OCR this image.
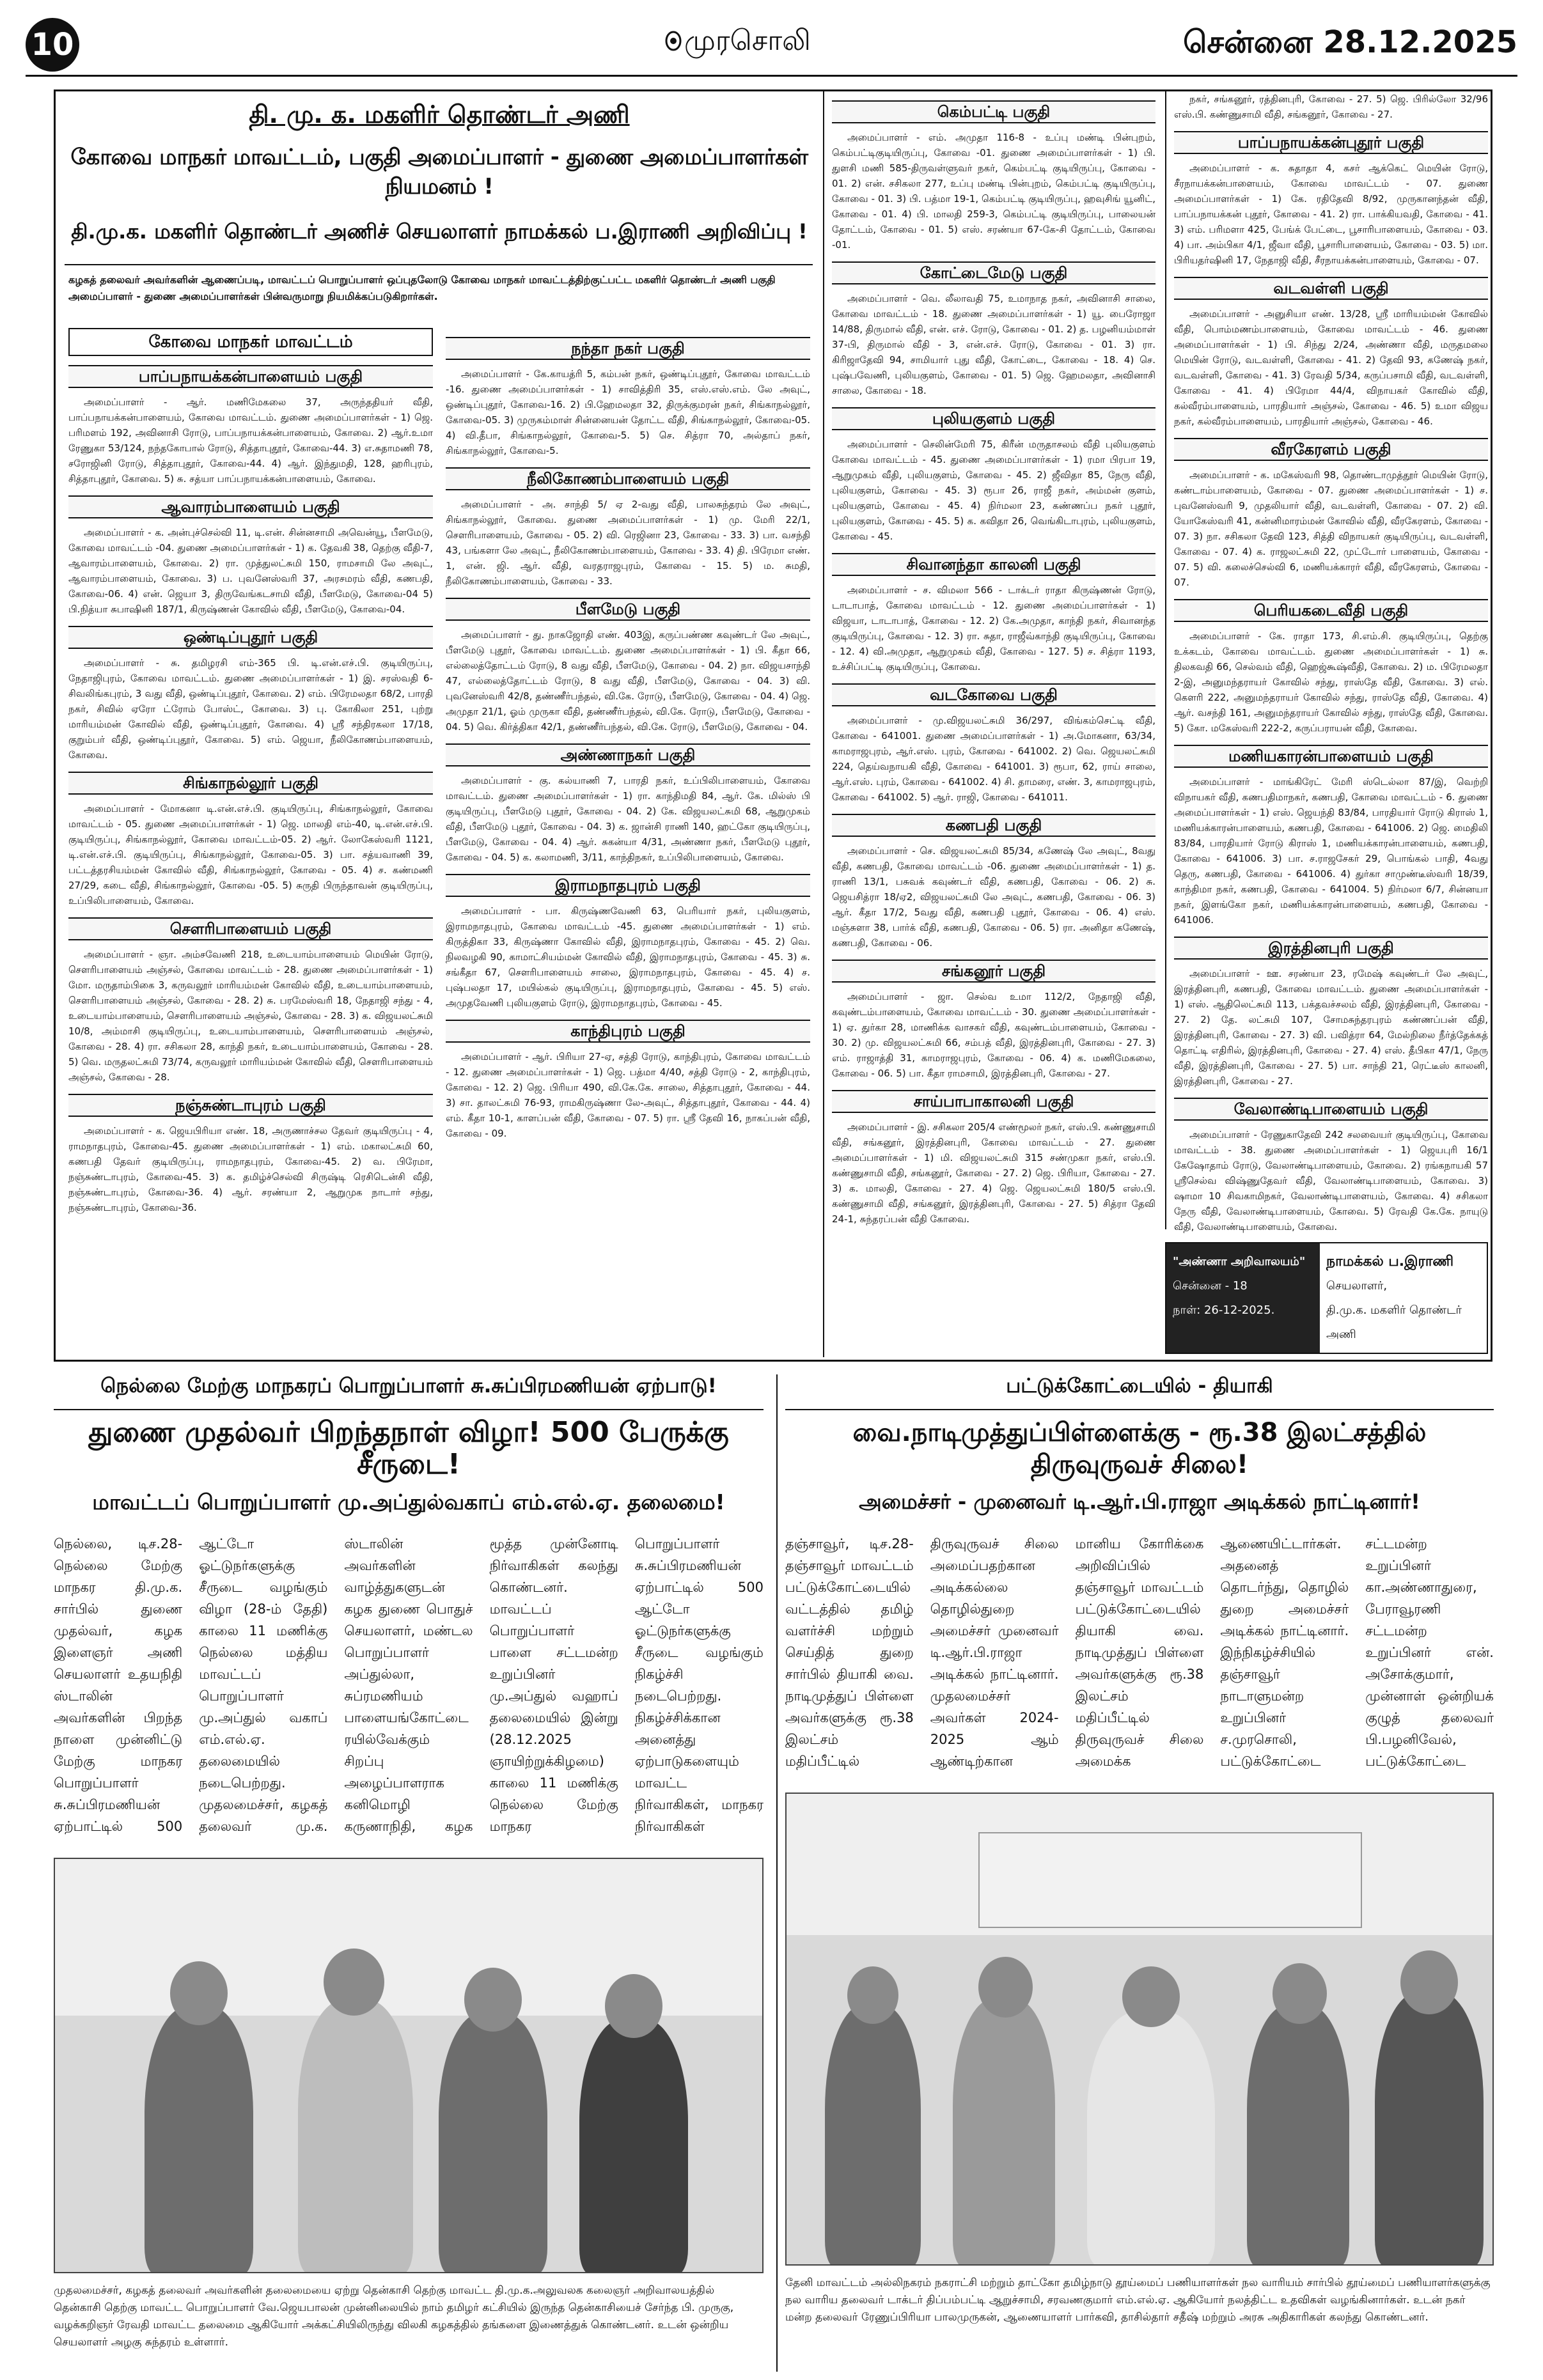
10	முரசொலி	சென்னை 28.12.2025
தி. மு. க. மகளிர் தொண்டர் அணி
கோவை மாநகர் மாவட்டம், பகுதி அமைப்பாளர் - துணை அமைப்பாளர்கள் நியமனம் !
தி.மு.க. மகளிர் தொண்டர் அணிச் செயலாளர் நாமக்கல் ப.இராணி அறிவிப்பு !
கழகத் தலைவர் அவர்களின் ஆணைப்படி, மாவட்டப் பொறுப்பாளர் ஒப்புதலோடு கோவை மாநகர் மாவட்டத்திற்குட்பட்ட மகளிர் தொண்டர் அணி பகுதி அமைப்பாளர் - துணை அமைப்பாளர்கள் பின்வருமாறு நியமிக்கப்படுகிறார்கள்.
கோவை மாநகர் மாவட்டம்
பாப்பநாயக்கன்பாளையம் பகுதி

அமைப்பாளர் - ஆர். மணிமேகலை 37, அருந்ததியர் வீதி, பாப்பநாயக்கன்பாளையம், கோவை மாவட்டம். துணை அமைப்பாளர்கள் - 1) ஜெ. பரிமளம் 192, அவினாசி ரோடு, பாப்பநாயக்கன்பாளையம், கோவை. 2) ஆர்.உமா ரேணுகா 53/124, நந்தகோபால் ரோடு, சித்தாபுதூர், கோவை-44. 3) எ.சுதாமணி 78, சரோஜினி ரோடு, சித்தாபுதூர், கோவை-44. 4) ஆர். இந்துமதி, 128, ஹரிபுரம், சித்தாபுதூர், கோவை. 5) சு. சத்யா பாப்பநாயக்கன்பாளையம், கோவை.

ஆவாரம்பாளையம் பகுதி

அமைப்பாளர் - க. அன்புச்செல்வி 11, டி.என். சின்னசாமி அவென்யூ, பீளமேடு, கோவை மாவட்டம் -04. துணை அமைப்பாளர்கள் - 1) க. தேவகி 38, தெற்கு வீதி-7, ஆவாரம்பாளையம், கோவை. 2) ரா. முத்துலட்சுமி 150, ராமசாமி லே அவுட், ஆவாரம்பாளையம், கோவை. 3) ப. புவனேஸ்வரி 37, அரசமரம் வீதி, கணபதி, கோவை-06. 4) என். ஜெயா 3, திருவேங்கடசாமி வீதி, பீளமேடு, கோவை-04 5) பி.நித்யா சுபாஷினி 187/1, கிருஷ்ணன் கோவில் வீதி, பீளமேடு, கோவை-04.

ஒண்டிப்புதூர் பகுதி

அமைப்பாளர் - சு. தமிழரசி எம்-365 பி. டி.என்.எச்.பி. குடியிருப்பு, நேதாஜிபுரம், கோவை மாவட்டம். துணை அமைப்பாளர்கள் - 1) இ. சரஸ்வதி 6-சிவலிங்கபுரம், 3 வது வீதி, ஒண்டிப்புதூர், கோவை. 2) எம். பிரேமலதா 68/2, பாரதி நகர், சிவில் ஏரோ ட்ரோம் போஸ்ட், கோவை. 3) பு. கோகிலா 251, புற்று மாரியம்மன் கோவில் வீதி, ஒண்டிப்புதூர், கோவை. 4) ஸ்ரீ சந்திரகலா 17/18, குறும்பர் வீதி, ஒண்டிப்புதூர், கோவை. 5) எம். ஜெயா, நீலிகோணம்பாளையம், கோவை.

சிங்காநல்லூர் பகுதி

அமைப்பாளர் - மோகனா டி.என்.எச்.பி. குடியிருப்பு, சிங்காநல்லூர், கோவை மாவட்டம் - 05. துணை அமைப்பாளர்கள் - 1) ஜெ. மாலதி எம்-40, டி.என்.எச்.பி. குடியிருப்பு, சிங்காநல்லூர், கோவை மாவட்டம்-05. 2) ஆர். லோகேஸ்வரி 1121, டி.என்.எச்.பி. குடியிருப்பு, சிங்காநல்லூர், கோவை-05. 3) பா. சத்யவாணி 39, பட்டத்தரசியம்மன் கோவில் வீதி, சிங்காநல்லூர், கோவை - 05. 4) ச. கண்மணி 27/29, கடை வீதி, சிங்காநல்லூர், கோவை -05. 5) சுருதி பிருந்தாவன் குடியிருப்பு, உப்பிலிபாளையம், கோவை.

சௌரிபாளையம் பகுதி

அமைப்பாளர் - ஞா. அம்சவேணி 218, உடையாம்பாளையம் மெயின் ரோடு, சௌரிபாளையம் அஞ்சல், கோவை மாவட்டம் - 28. துணை அமைப்பாளர்கள் - 1) மோ. மருதாம்பிகை 3, கருவலூர் மாரியம்மன் கோவில் வீதி, உடையாம்பாளையம், சௌரிபாளையம் அஞ்சல், கோவை - 28. 2) சு. பரமேஸ்வரி 18, நேதாஜி சந்து - 4, உடையாம்பாளையம், சௌரிபாளையம் அஞ்சல், கோவை - 28. 3) க. விஜயலட்சுமி 10/8, அம்மாசி குடியிருப்பு, உடையாம்பாளையம், சௌரிபாளையம் அஞ்சல், கோவை - 28. 4) ரா. சசிகலா 28, காந்தி நகர், உடையாம்பாளையம், கோவை - 28. 5) வெ. மருதலட்சுமி 73/74, கருவலூர் மாரியம்மன் கோவில் வீதி, சௌரிபாளையம் அஞ்சல், கோவை - 28.

நஞ்சுண்டாபுரம் பகுதி

அமைப்பாளர் - க. ஜெயபிரியா எண். 18, அருணாச்சல தேவர் குடியிருப்பு - 4, ராமநாதபுரம், கோவை-45. துணை அமைப்பாளர்கள் - 1) எம். மகாலட்சுமி 60, கணபதி தேவர் குடியிருப்பு, ராமநாதபுரம், கோவை-45. 2) வ. பிரேமா, நஞ்சுண்டாபுரம், கோவை-45. 3) க. தமிழ்ச்செல்வி சிருஷ்டி ரெசிடென்சி வீதி, நஞ்சுண்டாபுரம், கோவை-36. 4) ஆர். சரண்யா 2, ஆறுமுக நாடார் சந்து, நஞ்சுண்டாபுரம், கோவை-36.

நந்தா நகர் பகுதி

அமைப்பாளர் - கே.காயத்ரி 5, கம்பன் நகர், ஒண்டிப்புதூர், கோவை மாவட்டம் -16. துணை அமைப்பாளர்கள் - 1) சாவித்திரி 35, எஸ்.எஸ்.எம். லே அவுட், ஒண்டிப்புதூர், கோவை-16. 2) பி.ஹேமலதா 32, திருக்குமரன் நகர், சிங்காநல்லூர், கோவை-05. 3) முருகம்மாள் சின்னையன் தோட்ட வீதி, சிங்காநல்லூர், கோவை-05. 4) வி.தீபா, சிங்காநல்லூர், கோவை-5. 5) செ. சித்ரா 70, அல்தாப் நகர், சிங்காநல்லூர், கோவை-5.

நீலிகோணம்பாளையம் பகுதி

அமைப்பாளர் - அ. சாந்தி 5/ ஏ 2-வது வீதி, பாலசுந்தரம் லே அவுட், சிங்காநல்லூர், கோவை. துணை அமைப்பாளர்கள் - 1) மு. மேரி 22/1, சௌரிபாளையம், கோவை - 05. 2) வி. ரெஜினா 23, கோவை - 33. 3) பா. வசந்தி 43, பங்களா லே அவுட், நீலிகோணம்பாளையம், கோவை - 33. 4) தி. பிரேமா எண். 1, என். ஜி. ஆர். வீதி, வரதராஜபுரம், கோவை - 15. 5) ம. சுமதி, நீலிகோணம்பாளையம், கோவை - 33.

பீளமேடு பகுதி

அமைப்பாளர் - து. நாகஜோதி எண். 403இ, கருப்பண்ண கவுண்டர் லே அவுட், பீளமேடு புதூர், கோவை மாவட்டம். துணை அமைப்பாளர்கள் - 1) பி. கீதா 66, எல்லைத்தோட்டம் ரோடு, 8 வது வீதி, பீளமேடு, கோவை - 04. 2) நா. விஜயசாந்தி 47, எல்லைத்தோட்டம் ரோடு, 8 வது வீதி, பீளமேடு, கோவை - 04. 3) வி. புவனேஸ்வரி 42/8, தண்ணீர்பந்தல், வி.கே. ரோடு, பீளமேடு, கோவை - 04. 4) ஜெ. அமுதா 21/1, ஓம் முருகா வீதி, தண்ணீர்பந்தல், வி.கே. ரோடு, பீளமேடு, கோவை - 04. 5) வெ. கிர்த்திகா 42/1, தண்ணீர்பந்தல், வி.கே. ரோடு, பீளமேடு, கோவை - 04.

அண்ணாநகர் பகுதி

அமைப்பாளர் - கு. கல்யாணி 7, பாரதி நகர், உப்பிலிபாளையம், கோவை மாவட்டம். துணை அமைப்பாளர்கள் - 1) ரா. காந்திமதி 84, ஆர். கே. மில்ஸ் பி குடியிருப்பு, பீளமேடு புதூர், கோவை - 04. 2) கே. விஜயலட்சுமி 68, ஆறுமுகம் வீதி, பீளமேடு புதூர், கோவை - 04. 3) க. ஜான்சி ராணி 140, ஹட்கோ குடியிருப்பு, பீளமேடு, கோவை - 04. 4) ஆர். சுகன்யா 4/31, அண்ணா நகர், பீளமேடு புதூர், கோவை - 04. 5) க. கலாமணி, 3/11, காந்திநகர், உப்பிலிபாளையம், கோவை.

இராமநாதபுரம் பகுதி

அமைப்பாளர் - பா. கிருஷ்ணவேணி 63, பெரியார் நகர், புலியகுளம், இராமநாதபுரம், கோவை மாவட்டம் -45. துணை அமைப்பாளர்கள் - 1) எம். கிருத்திகா 33, கிருஷ்ணா கோவில் வீதி, இராமநாதபுரம், கோவை - 45. 2) வெ. நிலவழகி 90, காமாட்சியம்மன் கோவில் வீதி, இராமநாதபுரம், கோவை - 45. 3) சு. சங்கீதா 67, சௌரிபாளையம் சாலை, இராமநாதபுரம், கோவை - 45. 4) ச. புஷ்பலதா 17, மயில்கல் குடியிருப்பு, இராமநாதபுரம், கோவை - 45. 5) எஸ். அமுதவேணி புலியகுளம் ரோடு, இராமநாதபுரம், கோவை - 45.

காந்திபுரம் பகுதி

அமைப்பாளர் - ஆர். பிரியா 27-ஏ, சத்தி ரோடு, காந்திபுரம், கோவை மாவட்டம் - 12. துணை அமைப்பாளர்கள் - 1) ஜெ. பத்மா 4/40, சத்தி ரோடு - 2, காந்திபுரம், கோவை - 12. 2) ஜெ. பிரியா 490, வி.கே.கே. சாலை, சித்தாபுதூர், கோவை - 44. 3) சா. தாலட்சுமி 76-93, ராமகிருஷ்ணா லே-அவுட், சித்தாபுதூர், கோவை - 44. 4) எம். கீதா 10-1, காளப்பன் வீதி, கோவை - 07. 5) ரா. ஸ்ரீ தேவி 16, நாகப்பன் வீதி, கோவை - 09.

கெம்பட்டி பகுதி

அமைப்பாளர் - எம். அமுதா 116-8 - உப்பு மண்டி பின்புறம், கெம்பட்டிகுடியிருப்பு, கோவை -01. துணை அமைப்பாளர்கள் - 1) பி. துளசி மணி 585-திருவள்ளுவர் நகர், கெம்பட்டி குடியிருப்பு, கோவை - 01. 2) என். சசிகலா 277, உப்பு மண்டி பின்புறம், கெம்பட்டி குடியிருப்பு, கோவை - 01. 3) பி. பத்மா 19-1, கெம்பட்டி குடியிருப்பு, ஹவுசிங் யூனிட், கோவை - 01. 4) பி. மாலதி 259-3, கெம்பட்டி குடியிருப்பு, பாலையன் தோட்டம், கோவை - 01. 5) எஸ். சரண்யா 67-கே-சி தோட்டம், கோவை -01.

கோட்டைமேடு பகுதி

அமைப்பாளர் - வெ. லீலாவதி 75, உமாநாத நகர், அவினாசி சாலை, கோவை மாவட்டம் - 18. துணை அமைப்பாளர்கள் - 1) யூ. பைரோஜா 14/88, திருமால் வீதி, என். எச். ரோடு, கோவை - 01. 2) த. பழனியம்மாள் 37-பி, திருமால் வீதி - 3, என்.எச். ரோடு, கோவை - 01. 3) ரா. கிரிஜாதேவி 94, சாமியார் புது வீதி, கோட்டை, கோவை - 18. 4) செ. புஷ்பவேணி, புலியகுளம், கோவை - 01. 5) ஜெ. ஹேமலதா, அவினாசி சாலை, கோவை - 18.

புலியகுளம் பகுதி

அமைப்பாளர் - செலின்மேரி 75, கிரீன் மருதாசலம் வீதி புலியகுளம் கோவை மாவட்டம் - 45. துணை அமைப்பாளர்கள் - 1) ரமா பிரபா 19, ஆறுமுகம் வீதி, புலியகுளம், கோவை - 45. 2) ஜீவிதா 85, நேரு வீதி, புலியகுளம், கோவை - 45. 3) ரூபா 26, ராஜீ நகர், அம்மன் குளம், புலியகுளம், கோவை - 45. 4) நிர்மலா 23, கண்ணப்ப நகர் புதூர், புலியகுளம், கோவை - 45. 5) க. கவிதா 26, வெங்கிடாபுரம், புலியகுளம், கோவை - 45.

சிவானந்தா காலனி பகுதி

அமைப்பாளர் - ச. விமலா 566 - டாக்டர் ராதா கிருஷ்ணன் ரோடு, டாடாபாத், கோவை மாவட்டம் - 12. துணை அமைப்பாளர்கள் - 1) விஜயா, டாடாபாத், கோவை - 12. 2) கே.அமுதா, காந்தி நகர், சிவானந்த குடியிருப்பு, கோவை - 12. 3) ரா. சுதா, ராஜீவ்காந்தி குடியிருப்பு, கோவை - 12. 4) வி.அமுதா, ஆறுமுகம் வீதி, கோவை - 127. 5) ச. சித்ரா 1193, உச்சிப்பட்டி குடியிருப்பு, கோவை.

வடகோவை பகுதி

அமைப்பாளர் - மு.விஜயலட்சுமி 36/297, விங்கம்செட்டி வீதி, கோவை - 641001. துணை அமைப்பாளர்கள் - 1) அ.மோகனா, 63/34, காமராஜபுரம், ஆர்.எஸ். புரம், கோவை - 641002. 2) வெ. ஜெயலட்சுமி 224, தெய்வநாயகி வீதி, கோவை - 641001. 3) ரூபா, 62, ராய் சாலை, ஆர்.எஸ். புரம், கோவை - 641002. 4) சி. தாமரை, எண். 3, காமராஜபுரம், கோவை - 641002. 5) ஆர். ராஜி, கோவை - 641011.

கணபதி பகுதி

அமைப்பாளர் - செ. விஜயலட்சுமி 85/34, கணேஷ் லே அவுட், 8வது வீதி, கணபதி, கோவை மாவட்டம் -06. துணை அமைப்பாளர்கள் - 1) த. ராணி 13/1, பசுவக் கவுண்டர் வீதி, கணபதி, கோவை - 06. 2) சு. ஜெயசித்ரா 18/ஏ2, விஜயலட்சுமி லே அவுட், கணபதி, கோவை - 06. 3) ஆர். கீதா 17/2, 5வது வீதி, கணபதி புதூர், கோவை - 06. 4) எஸ். மஞ்சுளா 38, பார்க் வீதி, கணபதி, கோவை - 06. 5) ரா. அனிதா கணேஷ், கணபதி, கோவை - 06.

சங்கனூர் பகுதி

அமைப்பாளர் - ஜா. செல்வ உமா 112/2, நேதாஜி வீதி, கவுண்டம்பாளையம், கோவை மாவட்டம் - 30. துணை அமைப்பாளர்கள் - 1) ஏ. துர்கா 28, மாணிக்க வாசகர் வீதி, கவுண்டம்பாளையம், கோவை - 30. 2) மு. விஜயலட்சுமி 66, சம்பத் வீதி, இரத்தினபுரி, கோவை - 27. 3) எம். ராஜாத்தி 31, காமராஜபுரம், கோவை - 06. 4) க. மணிமேகலை, கோவை - 06. 5) பா. கீதா ராமசாமி, இரத்தினபுரி, கோவை - 27.

சாய்பாபாகாலனி பகுதி

அமைப்பாளர் - இ. சசிகலா 205/4 எண்மூலர் நகர், எஸ்.பி. கண்ணுசாமி வீதி, சங்கனூர், இரத்தினபுரி, கோவை மாவட்டம் - 27. துணை அமைப்பாளர்கள் - 1) மி. விஜயலட்சுமி 315 சண்முகா நகர், எஸ்.பி. கண்ணுசாமி வீதி, சங்கனூர், கோவை - 27. 2) ஜெ. பிரியா, கோவை - 27. 3) க. மாலதி, கோவை - 27. 4) ஜெ. ஜெயலட்சுமி 180/5 எஸ்.பி. கண்ணுசாமி வீதி, சங்கனூர், இரத்தினபுரி, கோவை - 27. 5) சித்ரா தேவி 24-1, சுந்தரப்பன் வீதி கோவை.

நகர், சங்கனூர், ரத்தினபுரி, கோவை - 27. 5) ஜெ. பிரில்லோ 32/96 எஸ்.பி. கண்ணுசாமி வீதி, சங்கனூர், கோவை - 27.

பாப்பநாயக்கன்புதூர் பகுதி

அமைப்பாளர் - க. சுதாதா 4, கசர் ஆக்கெட் மெயின் ரோடு, சீரநாயக்கன்பாளையம், கோவை மாவட்டம் - 07. துணை அமைப்பாளர்கள் - 1) கே. ரதிதேவி 8/92, முருகானந்தன் வீதி, பாப்பநாயக்கன் புதூர், கோவை - 41. 2) ரா. பாக்கியவதி, கோவை - 41. 3) எம். பரிமளா 425, பேங்க் பேட்டை, பூசாரிபாளையம், கோவை - 03. 4) பா. அம்பிகா 4/1, ஜீவா வீதி, பூசாரிபாளையம், கோவை - 03. 5) மா. பிரியதர்ஷினி 17, நேதாஜி வீதி, சீரநாயக்கன்பாளையம், கோவை - 07.

வடவள்ளி பகுதி

அமைப்பாளர் - அனுசியா எண். 13/28, ஸ்ரீ மாரியம்மன் கோவில் வீதி, பொம்மணம்பாளையம், கோவை மாவட்டம் - 46. துணை அமைப்பாளர்கள் - 1) பி. சிந்து 2/24, அண்ணா வீதி, மருதமலை மெயின் ரோடு, வடவள்ளி, கோவை - 41. 2) தேவி 93, கணேஷ் நகர், வடவள்ளி, கோவை - 41. 3) ரேவதி 5/34, கருப்பசாமி வீதி, வடவள்ளி, கோவை - 41. 4) பிரேமா 44/4, விநாயகர் கோவில் வீதி, கல்வீரம்பாளையம், பாரதியார் அஞ்சல், கோவை - 46. 5) உமா விஜய நகர், கல்வீரம்பாளையம், பாரதியார் அஞ்சல், கோவை - 46.

வீரகேரளம் பகுதி

அமைப்பாளர் - க. மகேஸ்வரி 98, தொண்டாமுத்தூர் மெயின் ரோடு, கண்டாம்பாளையம், கோவை - 07. துணை அமைப்பாளர்கள் - 1) ச. புவனேஸ்வரி 9, முதலியார் வீதி, வடவள்ளி, கோவை - 07. 2) வி. யோகேஸ்வரி 41, கன்னிமாரம்மன் கோவில் வீதி, வீரகேரளம், கோவை - 07. 3) நா. சசிகலா தேவி 123, சித்தி விநாயகர் குடியிருப்பு, வடவள்ளி, கோவை - 07. 4) க. ராஜலட்சுமி 22, முட்டோர் பாளையம், கோவை - 07. 5) வி. கலைச்செல்வி 6, மணியக்காரர் வீதி, வீரகேரளம், கோவை - 07.

பெரியகடைவீதி பகுதி

அமைப்பாளர் - கே. ராதா 173, சி.எம்.சி. குடியிருப்பு, தெற்கு உக்கடம், கோவை மாவட்டம். துணை அமைப்பாளர்கள் - 1) சு. திலகவதி 66, செல்வம் வீதி, ஹெஜ்கூஷ்வீதி, கோவை. 2) ம. பிரேமலதா 2-இ, அனுமந்தராயர் கோவில் சந்து, ராஸ்தே வீதி, கோவை. 3) எல். கௌரி 222, அனுமந்தராயர் கோவில் சந்து, ராஸ்தே வீதி, கோவை. 4) ஆர். வசந்தி 161, அனுமந்தராயர் கோவில் சந்து, ராஸ்தே வீதி, கோவை. 5) கோ. மகேஸ்வரி 222-2, கருப்பராயன் வீதி, கோவை.

மணியகாரன்பாளையம் பகுதி

அமைப்பாளர் - மாங்கிரேட் மேரி ஸ்டெல்லா 87/இ, வெற்றி விநாயகர் வீதி, கணபதிமாநகர், கணபதி, கோவை மாவட்டம் - 6. துணை அமைப்பாளர்கள் - 1) எஸ். ஜெயந்தி 83/84, பாரதியார் ரோடு கிராஸ் 1, மணியக்காரன்பாளையம், கணபதி, கோவை - 641006. 2) ஜெ. மைதிலி 83/84, பாரதியார் ரோடு கிராஸ் 1, மணியக்காரன்பாளையம், கணபதி, கோவை - 641006. 3) பா. ச.ராஜசேகர் 29, பொங்கல் பாதி, 4வது தெரு, கணபதி, கோவை - 641006. 4) துர்கா சாமுண்டீஸ்வரி 18/39, காந்திமா நகர், கணபதி, கோவை - 641004. 5) நிர்மலா 6/7, சின்னயா நகர், இளங்கோ நகர், மணியக்காரன்பாளையம், கணபதி, கோவை - 641006.

இரத்தினபுரி பகுதி

அமைப்பாளர் - ஊ. சரண்யா 23, ரமேஷ் கவுண்டர் லே அவுட், இரத்தினபுரி, கணபதி, கோவை மாவட்டம். துணை அமைப்பாளர்கள் - 1) எஸ். ஆதிலெட்சுமி 113, பக்தவச்சலம் வீதி, இரத்தினபுரி, கோவை - 27. 2) தே. லட்சுமி 107, சோமசுந்தரபுரம் கண்ணப்பன் வீதி, இரத்தினபுரி, கோவை - 27. 3) வி. பவித்ரா 64, மேல்நிலை நீர்த்தேக்கத் தொட்டி எதிரில், இரத்தினபுரி, கோவை - 27. 4) எஸ். தீபிகா 47/1, நேரு வீதி, இரத்தினபுரி, கோவை - 27. 5) பா. சாந்தி 21, ரெட்டீஸ் காலனி, இரத்தினபுரி, கோவை - 27.

வேலாண்டிபாளையம் பகுதி

அமைப்பாளர் - ரேணுகாதேவி 242 சலவையர் குடியிருப்பு, கோவை மாவட்டம் - 38. துணை அமைப்பாளர்கள் - 1) ஜெயபுரி 16/1 கேஷோதாம் ரோடு, வேலாண்டிபாளையம், கோவை. 2) ரங்கநாயகி 57 ஸ்ரீசெல்வ விஷ்ணுதேவர் வீதி, வேலாண்டிபாளையம், கோவை. 3) ஷாமா 10 சிவகாமிநகர், வேலாண்டிபாளையம், கோவை. 4) சசிகலா நேரு வீதி, வேலாண்டிபாளையம், கோவை. 5) ரேவதி கே.கே. நாயுடு வீதி, வேலாண்டிபாளையம், கோவை.

"அண்ணா அறிவாலயம்"
சென்னை - 18
நாள்: 26-12-2025.
நாமக்கல் ப.இராணி
செயலாளர்,
தி.மு.க. மகளிர் தொண்டர் அணி
நெல்லை மேற்கு மாநகரப் பொறுப்பாளர் சு.சுப்பிரமணியன் ஏற்பாடு!
துணை முதல்வர் பிறந்தநாள் விழா! 500 பேருக்கு சீருடை!
மாவட்டப் பொறுப்பாளர் மு.அப்துல்வகாப் எம்.எல்.ஏ. தலைமை!
நெல்லை, டிச.28- நெல்லை மேற்கு மாநகர தி.மு.க. சார்பில் துணை முதல்வர், கழக இளைஞர் அணி செயலாளர் உதயநிதி ஸ்டாலின் அவர்களின் பிறந்த நாளை முன்னிட்டு மேற்கு மாநகர பொறுப்பாளர் சு.சுப்பிரமணியன் ஏற்பாட்டில் 500 ஆட்டோ ஓட்டுநர்களுக்கு சீருடை வழங்கும் விழா (28-ம் தேதி) காலை 11 மணிக்கு நெல்லை மத்திய மாவட்டப் பொறுப்பாளர் மு.அப்துல் வகாப் எம்.எல்.ஏ. தலைமையில் நடைபெற்றது. முதலமைச்சர், கழகத் தலைவர் மு.க. ஸ்டாலின் அவர்களின் வாழ்த்துகளுடன் கழக துணை பொதுச் செயலாளர், மண்டல பொறுப்பாளர் அப்துல்லா, சுப்ரமணியம் பாளையங்கோட்டை ரயில்வேக்கும் சிறப்பு அழைப்பாளராக கனிமொழி கருணாநிதி, கழக மூத்த முன்னோடி நிர்வாகிகள் கலந்து கொண்டனர். மாவட்டப் பொறுப்பாளர் பாளை சட்டமன்ற உறுப்பினர் மு.அப்துல் வஹாப் தலைமையில் இன்று (28.12.2025 ஞாயிற்றுக்கிழமை) காலை 11 மணிக்கு நெல்லை மேற்கு மாநகர பொறுப்பாளர் சு.சுப்பிரமணியன் ஏற்பாட்டில் 500 ஆட்டோ ஓட்டுநர்களுக்கு சீருடை வழங்கும் நிகழ்ச்சி நடைபெற்றது. நிகழ்ச்சிக்கான அனைத்து ஏற்பாடுகளையும் மாவட்ட நிர்வாகிகள், மாநகர நிர்வாகிகள்
முதலமைச்சர், கழகத் தலைவர் அவர்களின் தலைமையை ஏற்று தென்காசி தெற்கு மாவட்ட தி.மு.க.அலுவலக கலைஞர் அறிவாலயத்தில் தென்காசி தெற்கு மாவட்ட பொறுப்பாளர் வே.ஜெயபாலன் முன்னிலையில் நாம் தமிழர் கட்சியில் இருந்த தென்காசியைச் சேர்ந்த பி. முருகு, வழக்கறிஞர் ரேவதி மாவட்ட தலைமை ஆகியோர் அக்கட்சியிலிருந்து விலகி கழகத்தில் தங்களை இணைத்துக் கொண்டனர். உடன் ஒன்றிய செயலாளர் அழகு சுந்தரம் உள்ளார்.
பட்டுக்கோட்டையில் - தியாகி
வை.நாடிமுத்துப்பிள்ளைக்கு - ரூ.38 இலட்சத்தில் திருவுருவச் சிலை!
அமைச்சர் - முனைவர் டி.ஆர்.பி.ராஜா அடிக்கல் நாட்டினார்!
தஞ்சாவூர், டிச.28- தஞ்சாவூர் மாவட்டம் பட்டுக்கோட்டையில் வட்டத்தில் தமிழ் வளர்ச்சி மற்றும் செய்தித் துறை சார்பில் தியாகி வை. நாடிமுத்துப் பிள்ளை அவர்களுக்கு ரூ.38 இலட்சம் மதிப்பீட்டில் திருவுருவச் சிலை அமைப்பதற்கான அடிக்கல்லை தொழில்துறை அமைச்சர் முனைவர் டி.ஆர்.பி.ராஜா அடிக்கல் நாட்டினார். முதலமைச்சர் அவர்கள் 2024-2025 ஆம் ஆண்டிற்கான மானிய கோரிக்கை அறிவிப்பில் தஞ்சாவூர் மாவட்டம் பட்டுக்கோட்டையில் தியாகி வை. நாடிமுத்துப் பிள்ளை அவர்களுக்கு ரூ.38 இலட்சம் மதிப்பீட்டில் திருவுருவச் சிலை அமைக்க ஆணையிட்டார்கள். அதனைத் தொடர்ந்து, தொழில் துறை அமைச்சர் அடிக்கல் நாட்டினார். இந்நிகழ்ச்சியில் தஞ்சாவூர் நாடாளுமன்ற உறுப்பினர் ச.முரசொலி, பட்டுக்கோட்டை சட்டமன்ற உறுப்பினர் கா.அண்ணாதுரை, பேராவூரணி சட்டமன்ற உறுப்பினர் என். அசோக்குமார், முன்னாள் ஒன்றியக் குழுத் தலைவர் பி.பழனிவேல், பட்டுக்கோட்டை
தேனி மாவட்டம் அல்லிநகரம் நகராட்சி மற்றும் தாட்கோ தமிழ்நாடு தூய்மைப் பணியாளர்கள் நல வாரியம் சார்பில் தூய்மைப் பணியாளர்களுக்கு நல வாரிய தலைவர் டாக்டர் திப்பம்பட்டி ஆறுச்சாமி, சரவணகுமார் எம்.எல்.ஏ. ஆகியோர் நலத்திட்ட உதவிகள் வழங்கினார்கள். உடன் நகர் மன்ற தலைவர் ரேணுப்பிரியா பாலமுருகன், ஆணையாளர் பார்கவி, தாசில்தார் சதீஷ் மற்றும் அரசு அதிகாரிகள் கலந்து கொண்டனர்.
